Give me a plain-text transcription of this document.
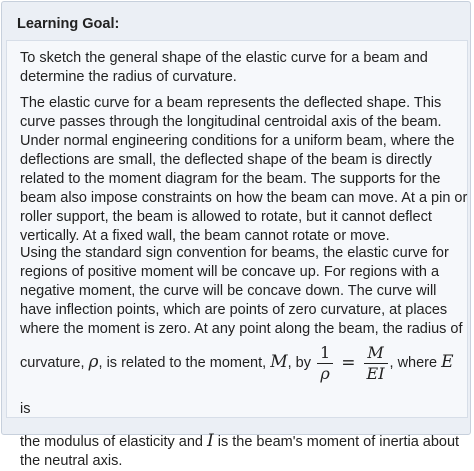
Learning Goal:

To sketch the general shape of the elastic curve for a beam and determine the radius of curvature.

The elastic curve for a beam represents the deflected shape. This curve passes through the longitudinal centroidal axis of the beam. Under normal engineering conditions for a uniform beam, where the deflections are small, the deflected shape of the beam is directly related to the moment diagram for the beam. The supports for the beam also impose constraints on how the beam can move. At a pin or roller support, the beam is allowed to rotate, but it cannot deflect vertically. At a fixed wall, the beam cannot rotate or move.

Using the standard sign convention for beams, the elastic curve for regions of positive moment will be concave up. For regions with a negative moment, the curve will be concave down. The curve will have inflection points, which are points of zero curvature, at places where the moment is zero. At any point along the beam, the radius of
curvature, ρ, is related to the moment, M, by $\frac{1}{\rho} = \frac{M}{EI}$ , where E is
the modulus of elasticity and I is the beam's moment of inertia about the neutral axis.
